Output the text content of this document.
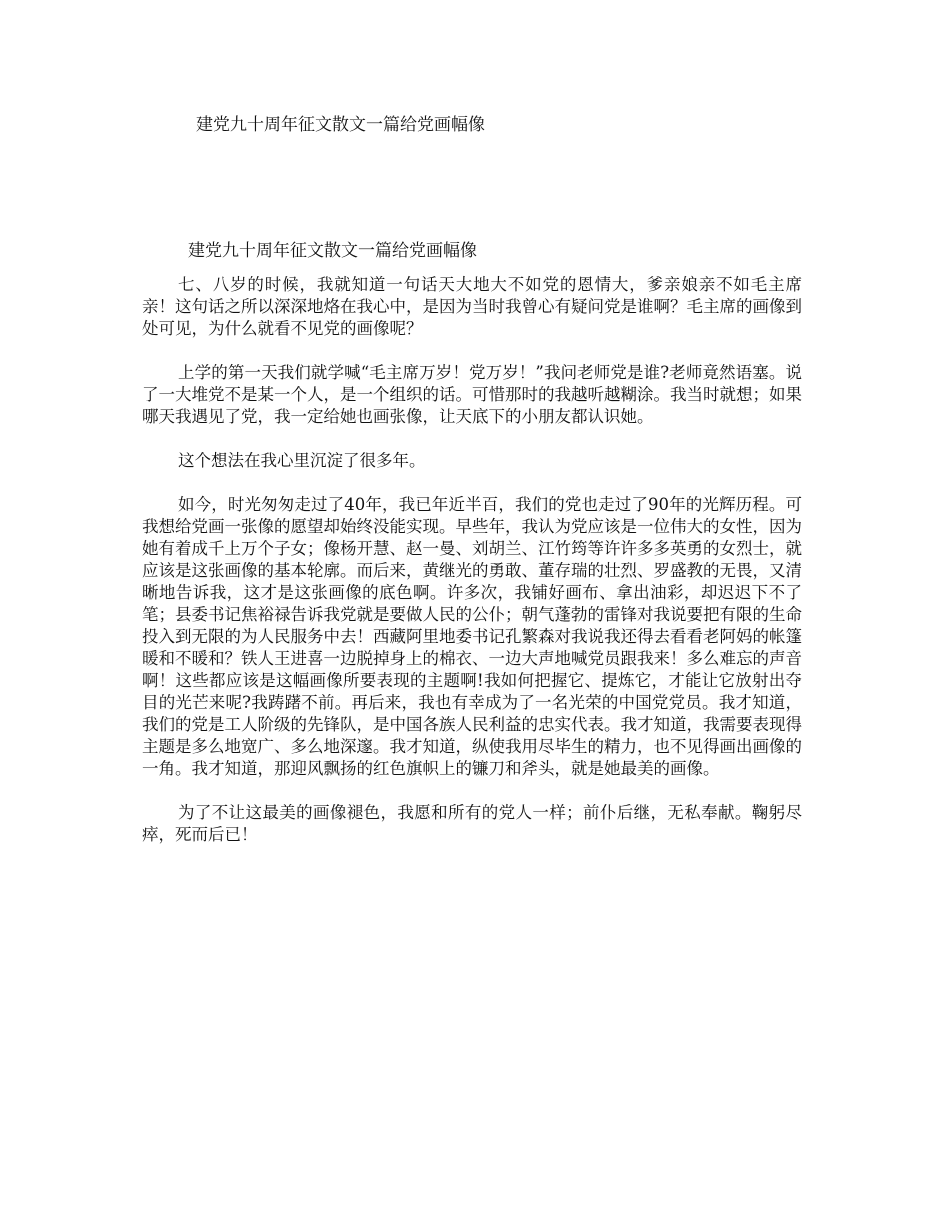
建党九十周年征文散文一篇给党画幅像
建党九十周年征文散文一篇给党画幅像

七、八岁的时候，我就知道一句话天大地大不如党的恩情大，爹亲娘亲不如毛主席亲！这句话之所以深深地烙在我心中，是因为当时我曾心有疑问党是谁啊？毛主席的画像到处可见，为什么就看不见党的画像呢？

上学的第一天我们就学喊“毛主席万岁！党万岁！”我问老师党是谁?老师竟然语塞。说了一大堆党不是某一个人，是一个组织的话。可惜那时的我越听越糊涂。我当时就想；如果哪天我遇见了党，我一定给她也画张像，让天底下的小朋友都认识她。

这个想法在我心里沉淀了很多年。

如今，时光匆匆走过了40年，我已年近半百，我们的党也走过了90年的光辉历程。可我想给党画一张像的愿望却始终没能实现。早些年，我认为党应该是一位伟大的女性，因为她有着成千上万个子女；像杨开慧、赵一曼、刘胡兰、江竹筠等许许多多英勇的女烈士，就应该是这张画像的基本轮廓。而后来，黄继光的勇敢、董存瑞的壮烈、罗盛教的无畏，又清晰地告诉我，这才是这张画像的底色啊。许多次，我铺好画布、拿出油彩，却迟迟下不了笔；县委书记焦裕禄告诉我党就是要做人民的公仆；朝气蓬勃的雷锋对我说要把有限的生命投入到无限的为人民服务中去！西藏阿里地委书记孔繁森对我说我还得去看看老阿妈的帐篷暖和不暖和？铁人王进喜一边脱掉身上的棉衣、一边大声地喊党员跟我来！多么难忘的声音啊！这些都应该是这幅画像所要表现的主题啊!我如何把握它、提炼它，才能让它放射出夺目的光芒来呢?我踌躇不前。再后来，我也有幸成为了一名光荣的中国党党员。我才知道，我们的党是工人阶级的先锋队，是中国各族人民利益的忠实代表。我才知道，我需要表现得主题是多么地宽广、多么地深邃。我才知道，纵使我用尽毕生的精力，也不见得画出画像的一角。我才知道，那迎风飘扬的红色旗帜上的镰刀和斧头，就是她最美的画像。

为了不让这最美的画像褪色，我愿和所有的党人一样；前仆后继，无私奉献。鞠躬尽瘁，死而后已！
